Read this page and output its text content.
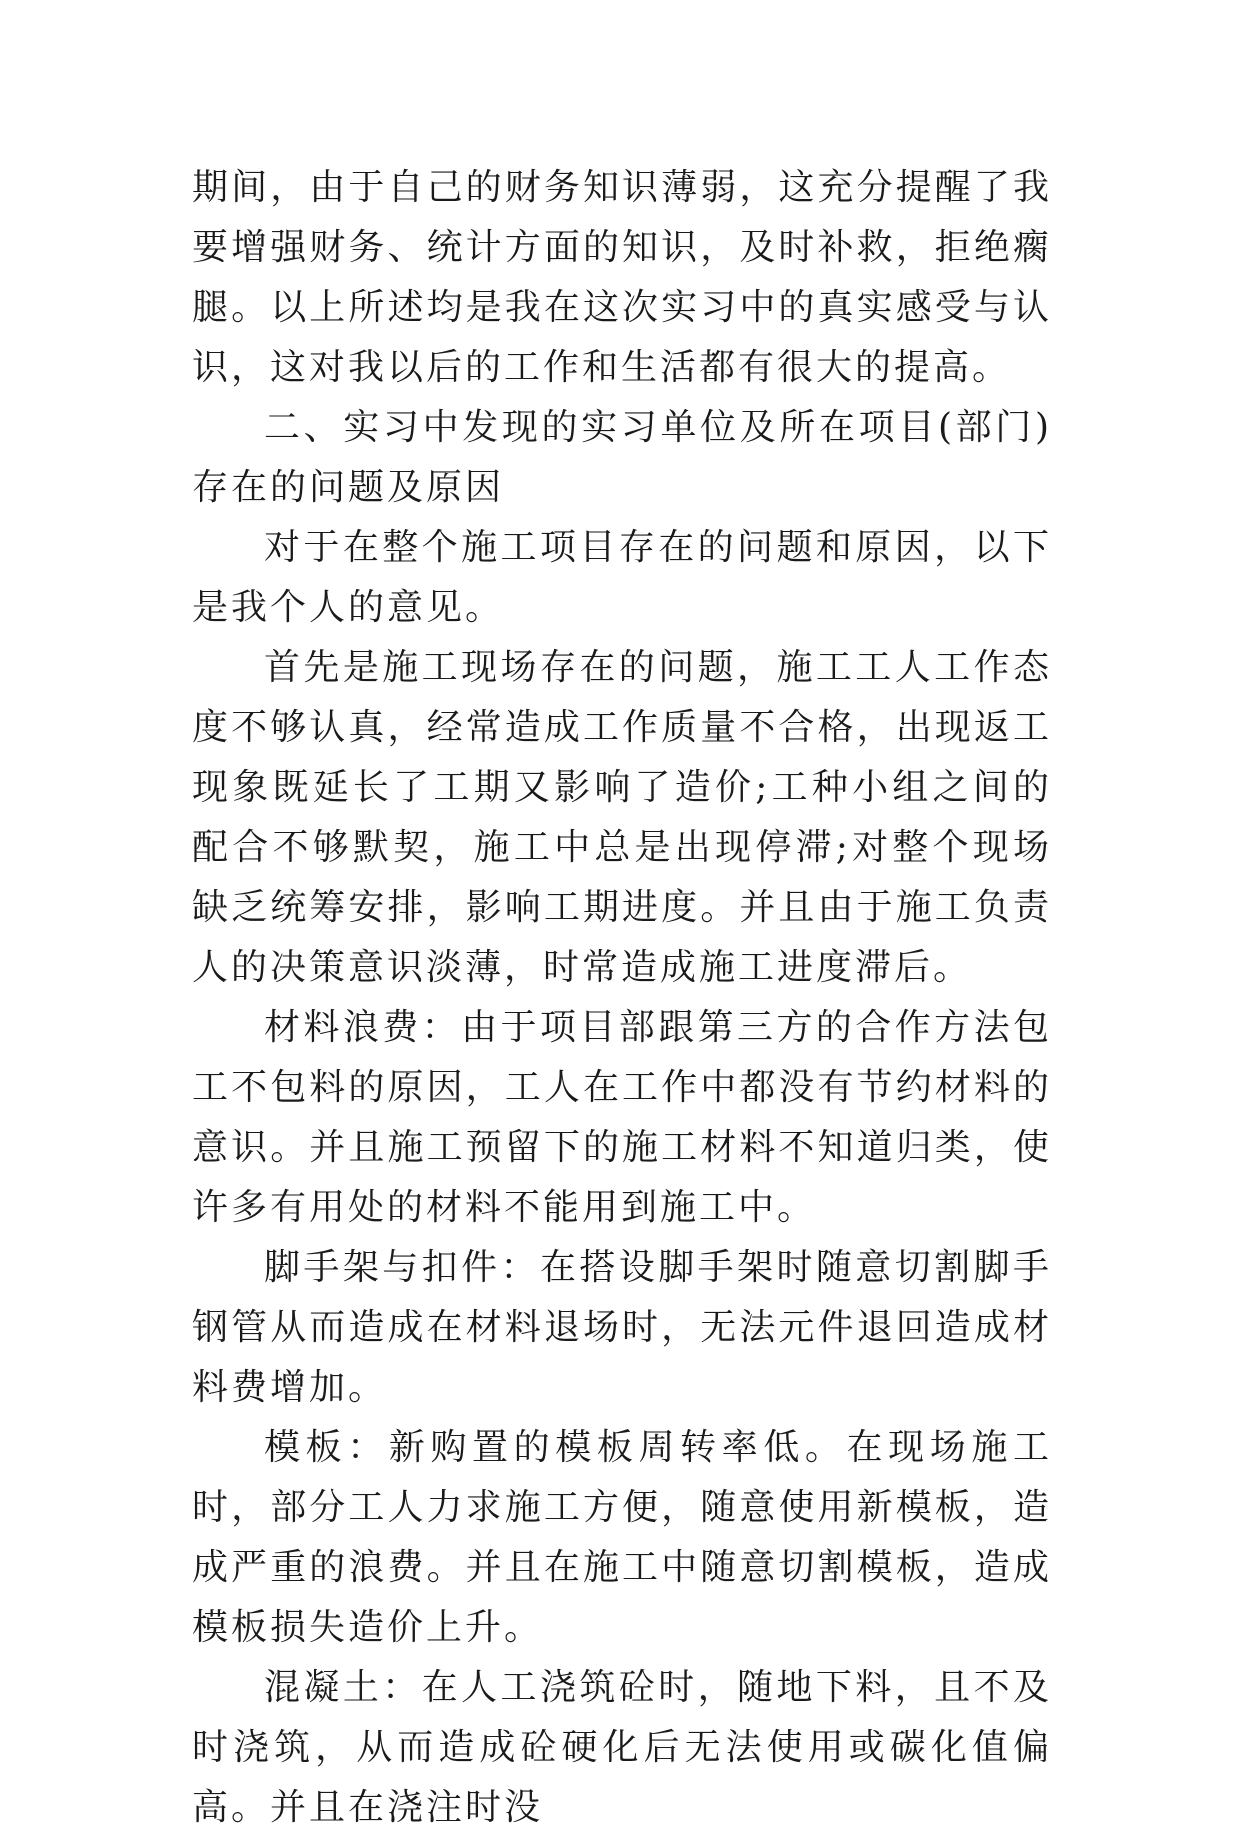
期间，由于自己的财务知识薄弱，这充分提醒了我要增强财务、统计方面的知识，及时补救，拒绝瘸腿。以上所述均是我在这次实习中的真实感受与认识，这对我以后的工作和生活都有很大的提高。

二、实习中发现的实习单位及所在项目(部门)存在的问题及原因

对于在整个施工项目存在的问题和原因，以下是我个人的意见。

首先是施工现场存在的问题，施工工人工作态度不够认真，经常造成工作质量不合格，出现返工现象既延长了工期又影响了造价;工种小组之间的配合不够默契，施工中总是出现停滞;对整个现场缺乏统筹安排，影响工期进度。并且由于施工负责人的决策意识淡薄，时常造成施工进度滞后。

材料浪费：由于项目部跟第三方的合作方法包工不包料的原因，工人在工作中都没有节约材料的意识。并且施工预留下的施工材料不知道归类，使许多有用处的材料不能用到施工中。

脚手架与扣件：在搭设脚手架时随意切割脚手钢管从而造成在材料退场时，无法元件退回造成材料费增加。

模板：新购置的模板周转率低。在现场施工时，部分工人力求施工方便，随意使用新模板，造成严重的浪费。并且在施工中随意切割模板，造成模板损失造价上升。

混凝土：在人工浇筑砼时，随地下料，且不及时浇筑，从而造成砼硬化后无法使用或碳化值偏高。并且在浇注时没
